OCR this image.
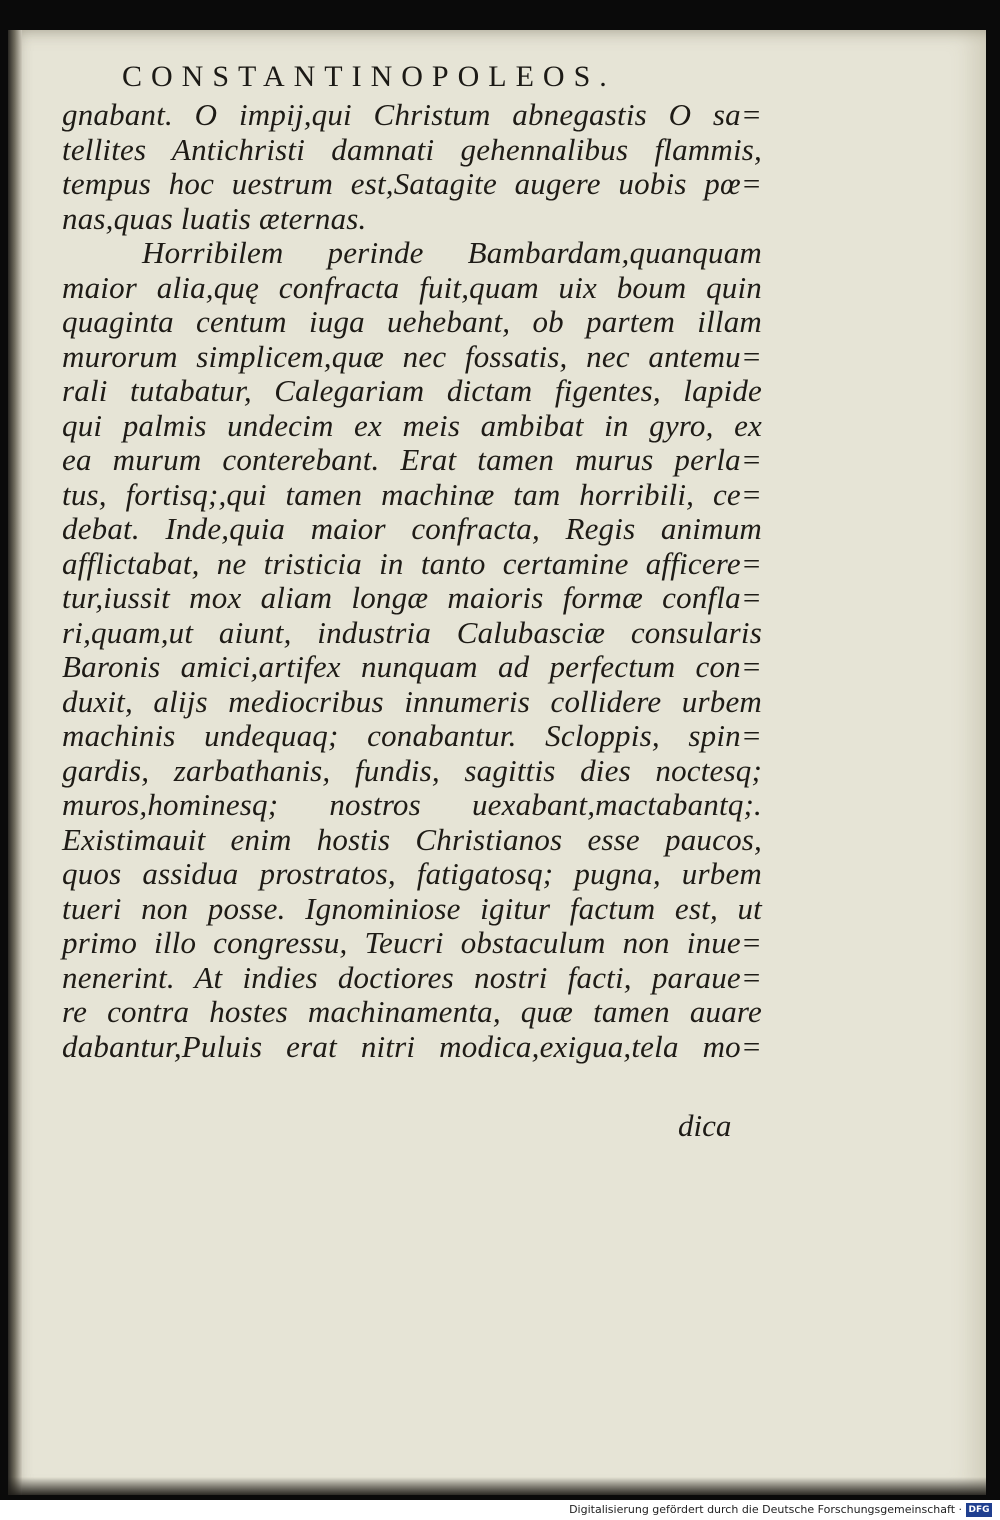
CONSTANTINOPOLEOS.
gnabant. O impij,qui Christum abnegastis O sa=
tellites Antichristi damnati gehennalibus flammis,
tempus hoc uestrum est,Satagite augere uobis pœ=
nas,quas luatis æternas.
Horribilem perinde Bambardam,quanquam
maior alia,quę confracta fuit,quam uix boum quin
quaginta centum iuga uehebant, ob partem illam
murorum simplicem,quæ nec fossatis, nec antemu=
rali tutabatur, Calegariam dictam figentes, lapide
qui palmis undecim ex meis ambibat in gyro, ex
ea murum conterebant. Erat tamen murus perla=
tus, fortisq;,qui tamen machinæ tam horribili, ce=
debat. Inde,quia maior confracta, Regis animum
afflictabat, ne tristicia in tanto certamine afficere=
tur,iussit mox aliam longæ maioris formæ confla=
ri,quam,ut aiunt, industria Calubasciæ consularis
Baronis amici,artifex nunquam ad perfectum con=
duxit, alijs mediocribus innumeris collidere urbem
machinis undequaq; conabantur. Scloppis, spin=
gardis, zarbathanis, fundis, sagittis dies noctesq;
muros,hominesq; nostros uexabant,mactabantq;.
Existimauit enim hostis Christianos esse paucos,
quos assidua prostratos, fatigatosq; pugna, urbem
tueri non posse. Ignominiose igitur factum est, ut
primo illo congressu, Teucri obstaculum non inue=
nenerint. At indies doctiores nostri facti, paraue=
re contra hostes machinamenta, quæ tamen auare
dabantur,Puluis erat nitri modica,exigua,tela mo=
dica
Digitalisierung gefördert durch die Deutsche Forschungsgemeinschaft · DFG
